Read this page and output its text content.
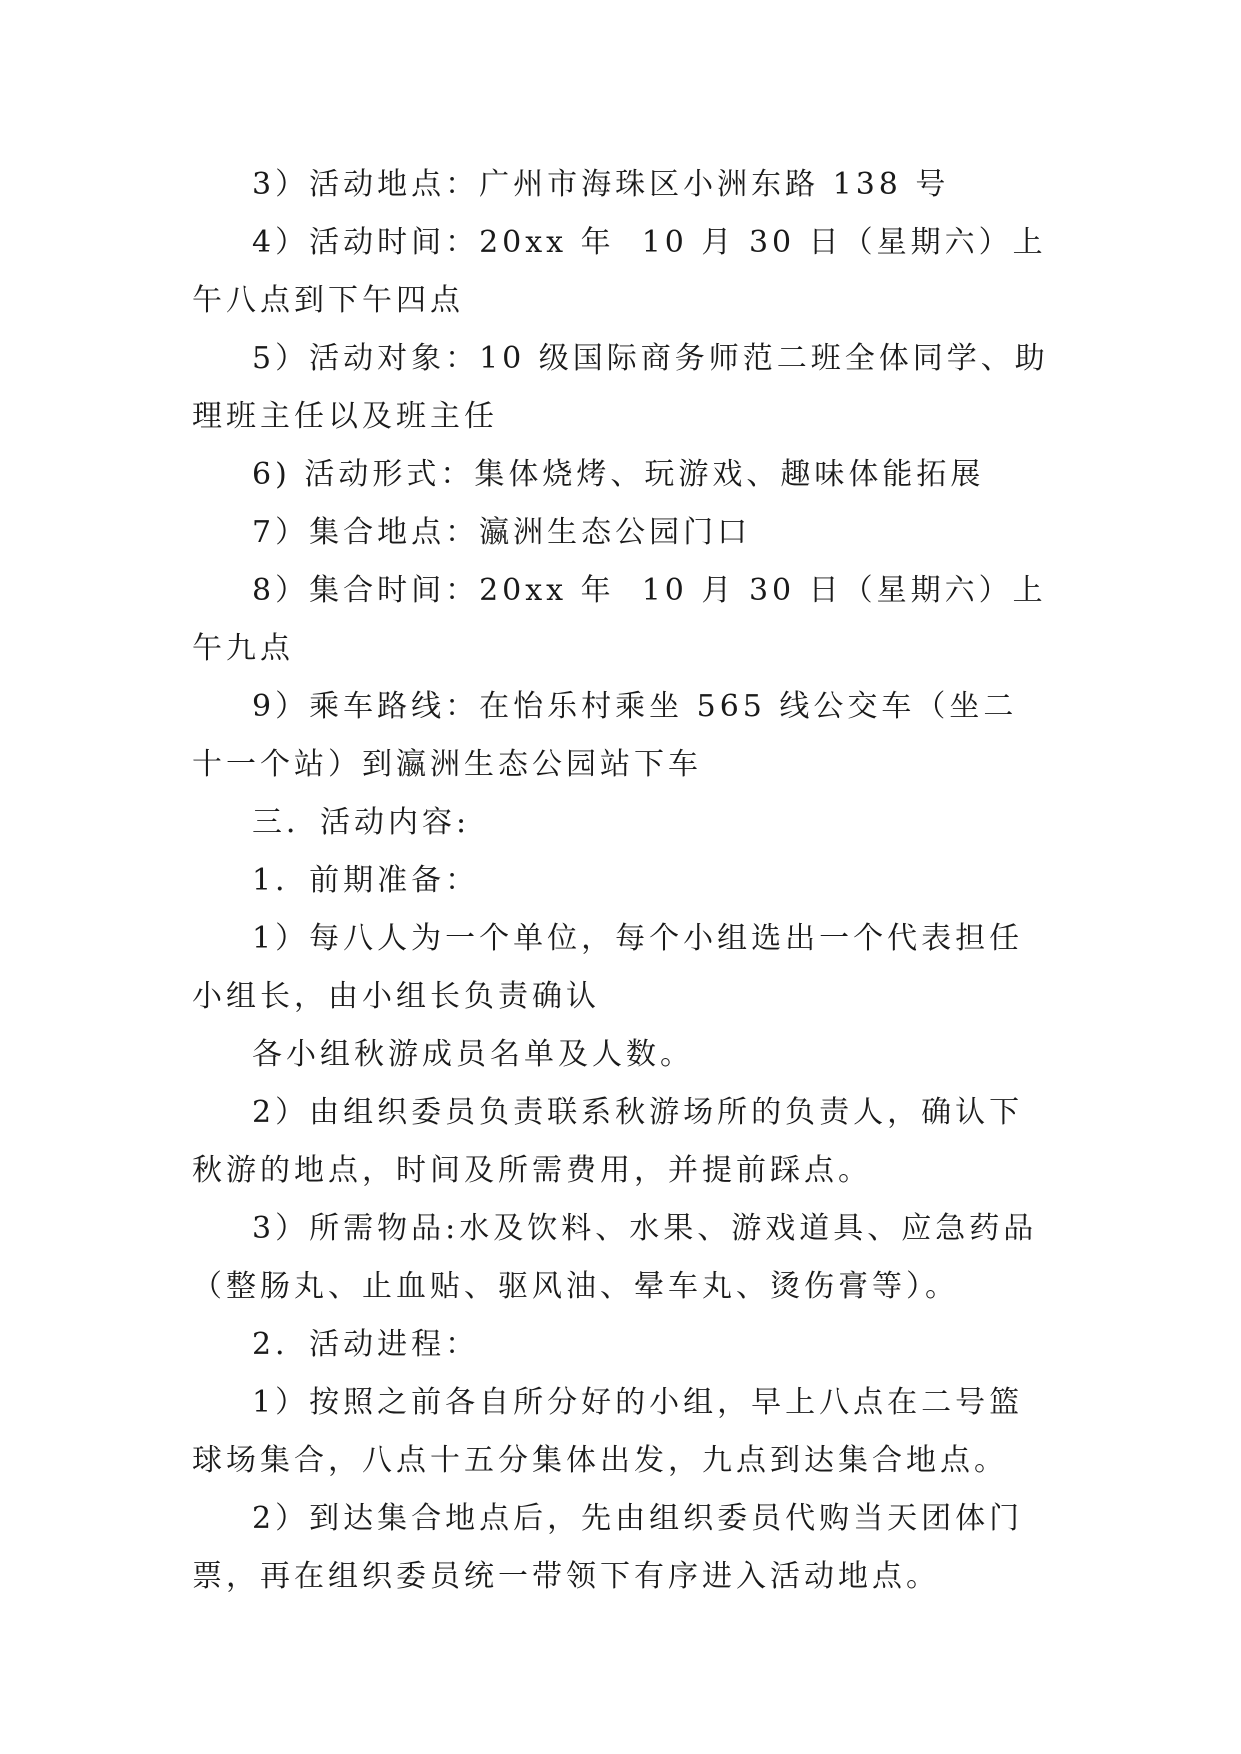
3）活动地点：广州市海珠区小洲东路 138 号

4）活动时间：20xx 年  10 月 30 日（星期六）上午八点到下午四点

5）活动对象：10 级国际商务师范二班全体同学、助理班主任以及班主任

6) 活动形式：集体烧烤、玩游戏、趣味体能拓展

7）集合地点：瀛洲生态公园门口

8）集合时间：20xx 年  10 月 30 日（星期六）上午九点

9）乘车路线：在怡乐村乘坐 565 线公交车（坐二十一个站）到瀛洲生态公园站下车

三．活动内容:

1．前期准备：

1）每八人为一个单位，每个小组选出一个代表担任小组长，由小组长负责确认

各小组秋游成员名单及人数。

2）由组织委员负责联系秋游场所的负责人，确认下秋游的地点，时间及所需费用，并提前踩点。

3）所需物品:水及饮料、水果、游戏道具、应急药品（整肠丸、止血贴、驱风油、晕车丸、烫伤膏等）。

2．活动进程：

1）按照之前各自所分好的小组，早上八点在二号篮球场集合，八点十五分集体出发，九点到达集合地点。

2）到达集合地点后，先由组织委员代购当天团体门票，再在组织委员统一带领下有序进入活动地点。
